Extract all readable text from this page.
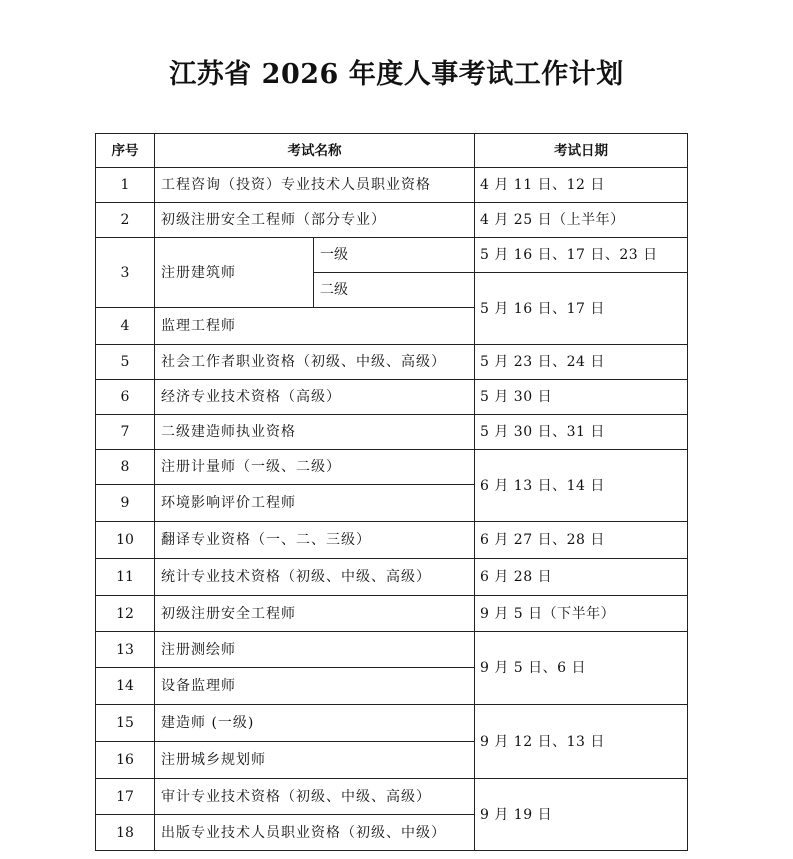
江苏省 2026 年度人事考试工作计划
序号	考试名称		考试日期
1	工程咨询（投资）专业技术人员职业资格		4 月 11 日、12 日
2	初级注册安全工程师（部分专业）		4 月 25 日（上半年）
3	注册建筑师	一级	5 月 16 日、17 日、23 日
		二级	5 月 16 日、17 日
4	监理工程师		
5	社会工作者职业资格（初级、中级、高级）		5 月 23 日、24 日
6	经济专业技术资格（高级）		5 月 30 日
7	二级建造师执业资格		5 月 30 日、31 日
8	注册计量师（一级、二级）		6 月 13 日、14 日
9	环境影响评价工程师		
10	翻译专业资格（一、二、三级）		6 月 27 日、28 日
11	统计专业技术资格（初级、中级、高级）		6 月 28 日
12	初级注册安全工程师		9 月 5 日（下半年）
13	注册测绘师		9 月 5 日、6 日
14	设备监理师		
15	建造师 (一级)		9 月 12 日、13 日
16	注册城乡规划师		
17	审计专业技术资格（初级、中级、高级）		9 月 19 日
18	出版专业技术人员职业资格（初级、中级）		
